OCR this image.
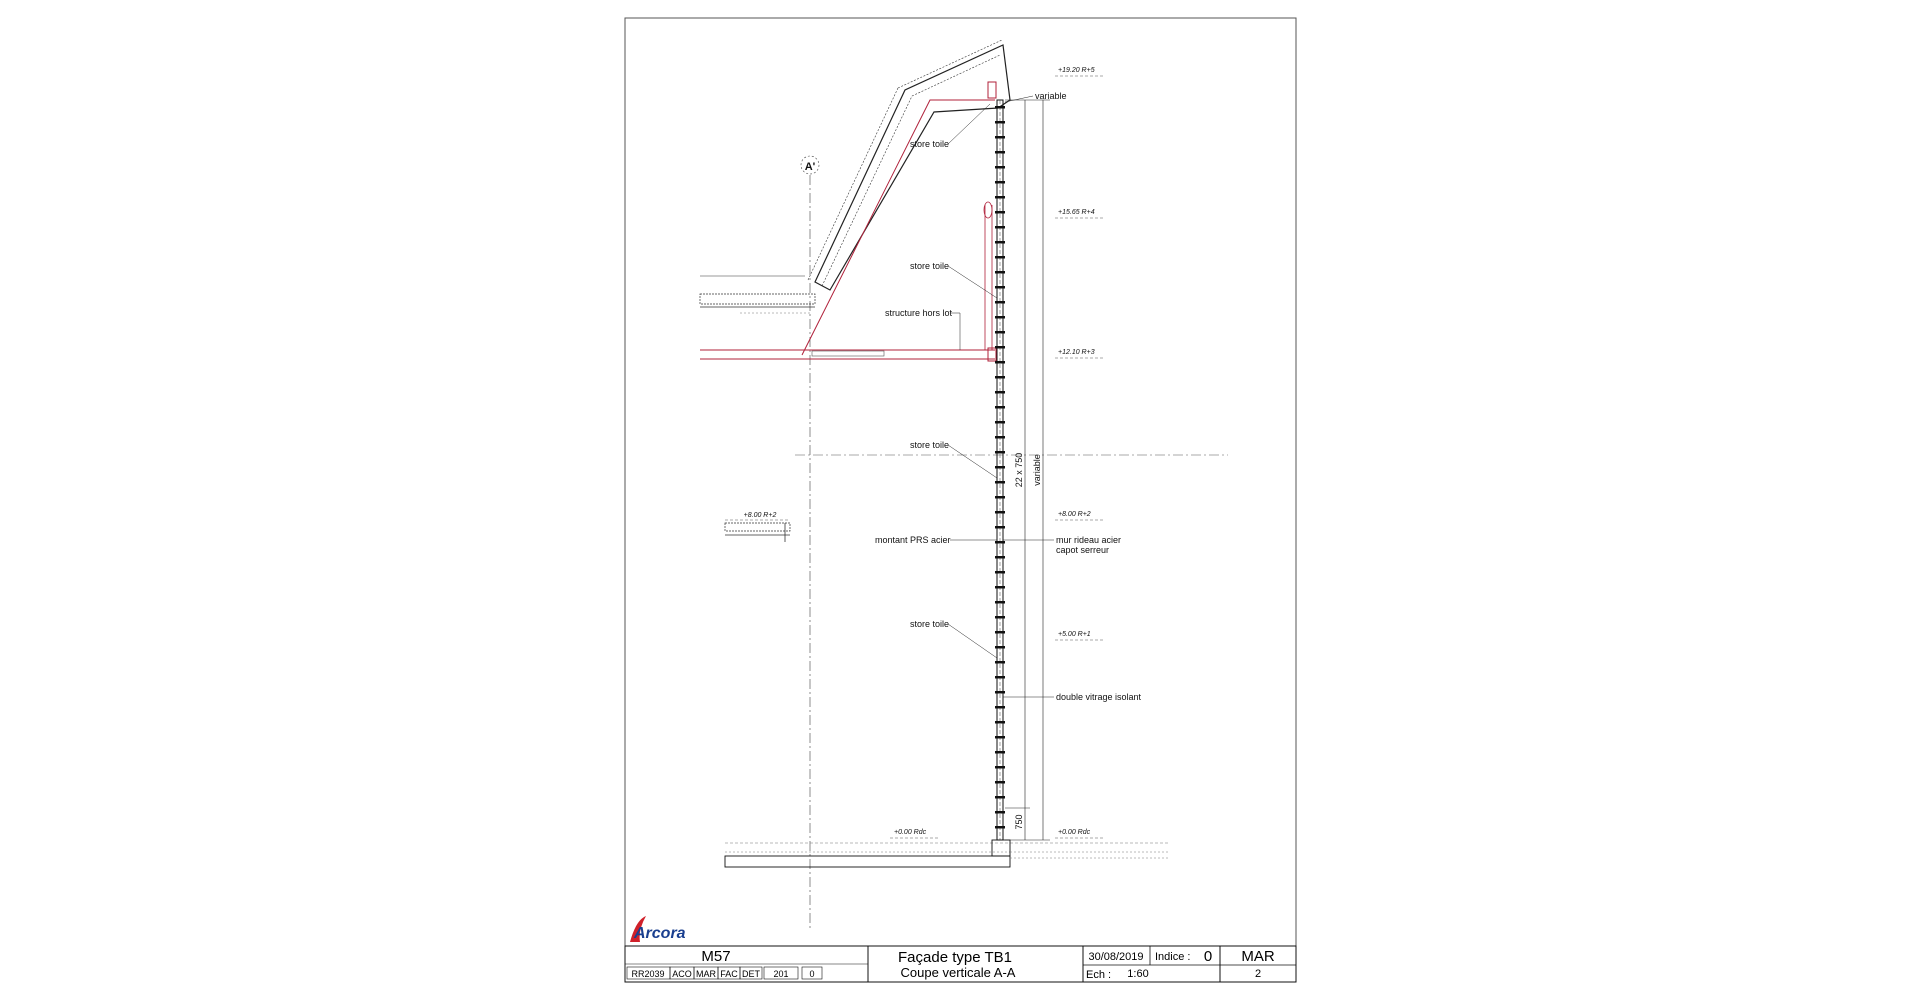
A'
+8.00 R+2
22 x 750 variable
750
+19.20 R+5
+15.65 R+4
+12.10 R+3
+8.00 R+2
+5.00 R+1
+0.00 Rdc
+0.00 Rdc
variable
store toile
store toile
structure hors lot
store toile
montant PRS acier	mur rideau acier
capot serreur
store toile
double vitrage isolant
Arcora
M57
RR2039 ACO MAR FAC DET 201 0
Façade type TB1
Coupe verticale A-A
30/08/2019 Indice : 0
Ech : 1:60
MAR
2
